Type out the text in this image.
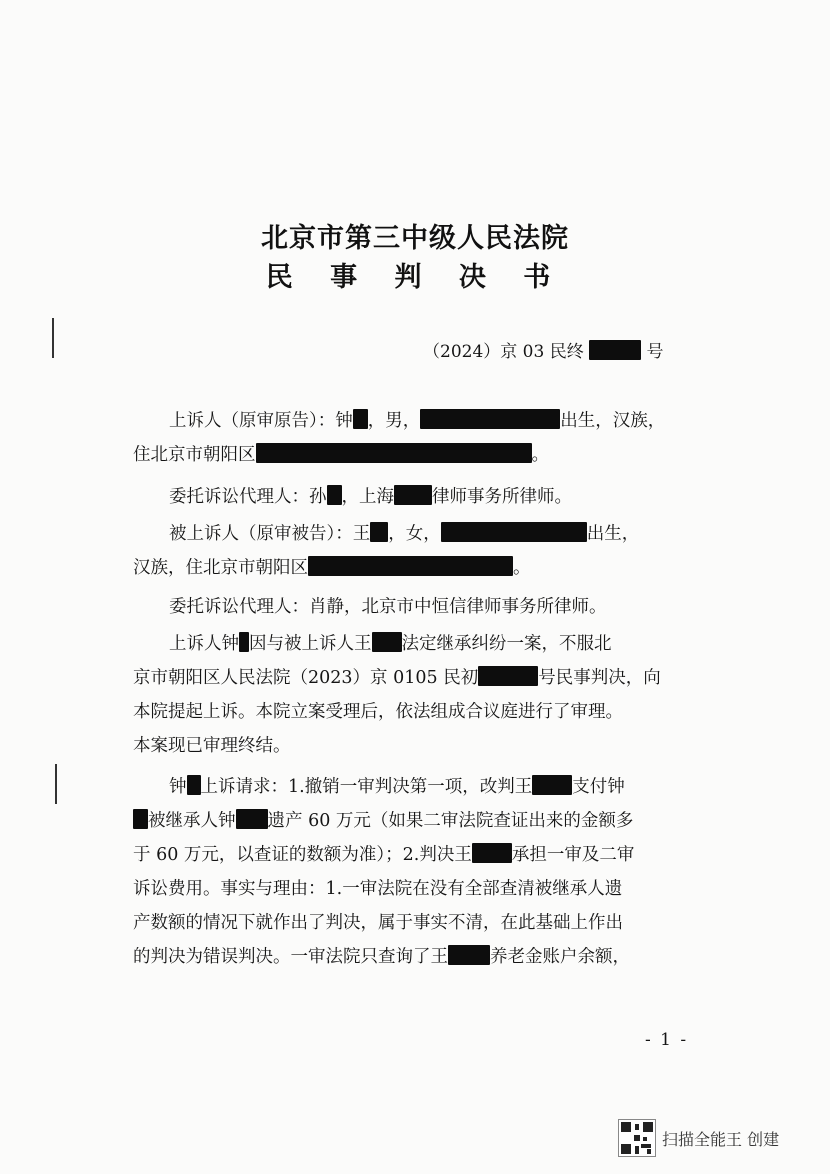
北京市第三中级人民法院
民 事 判 决 书
（2024）京 03 民终	号
上诉人（原审原告）：钟 ，男，	出生，汉族，
住北京市朝阳区	。
委托诉讼代理人：孙 ，上海 律师事务所律师。
被上诉人（原审被告）：王 ，女，	出生，
汉族，住北京市朝阳区	。
委托诉讼代理人：肖静，北京市中恒信律师事务所律师。
上诉人钟 因与被上诉人王 法定继承纠纷一案，不服北
京市朝阳区人民法院（2023）京 0105 民初	号民事判决，向
本院提起上诉。本院立案受理后，依法组成合议庭进行了审理。
本案现已审理终结。
钟 上诉请求：1.撤销一审判决第一项，改判王 支付钟
被继承人钟 遗产 60 万元（如果二审法院查证出来的金额多
于 60 万元，以查证的数额为准）；2.判决王 承担一审及二审
诉讼费用。事实与理由：1.一审法院在没有全部查清被继承人遗
产数额的情况下就作出了判决，属于事实不清，在此基础上作出
的判决为错误判决。一审法院只查询了王 养老金账户余额，
- 1 -
扫描全能王 创建
